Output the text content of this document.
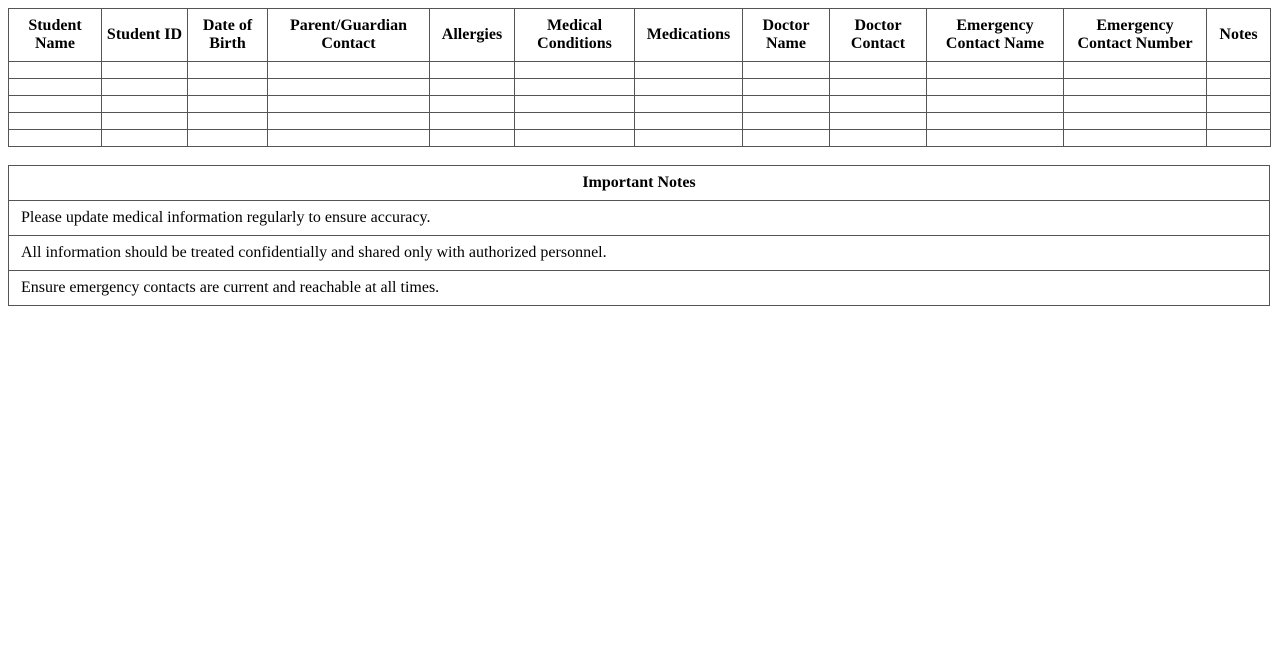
Student Name	Student ID	Date of Birth	Parent/Guardian Contact	Allergies	Medical Conditions	Medications	Doctor Name	Doctor Contact	Emergency Contact Name	Emergency Contact Number	Notes

Important Notes
Please update medical information regularly to ensure accuracy.
All information should be treated confidentially and shared only with authorized personnel.
Ensure emergency contacts are current and reachable at all times.
